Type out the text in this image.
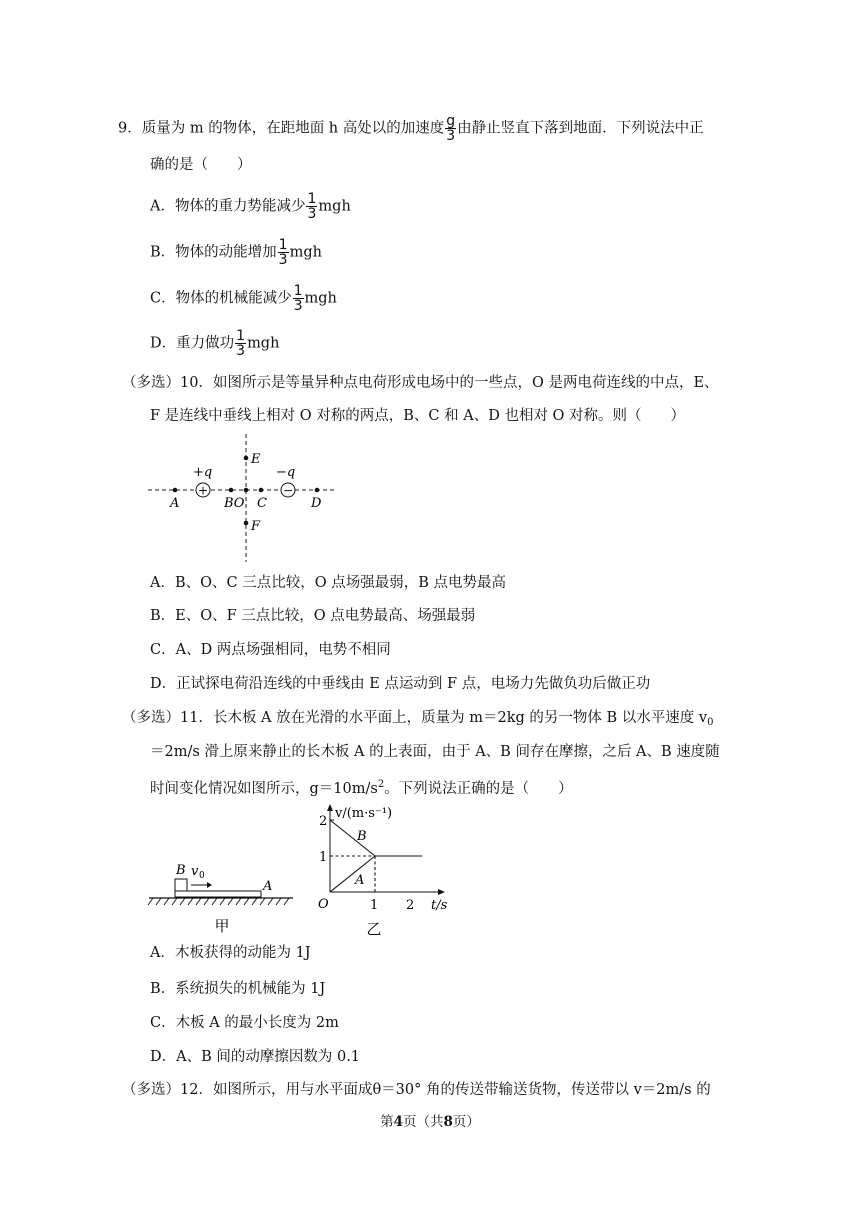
9．质量为 m 的物体，在距地面 h 高处以的加速度 $\frac{g}{3}$ 由静止竖直下落到地面．下列说法中正
确的是（　　）
A．物体的重力势能减少 $\frac{1}{3}$ mgh
B．物体的动能增加 $\frac{1}{3}$ mgh
C．物体的机械能减少 $\frac{1}{3}$ mgh
D．重力做功 $\frac{1}{3}$ mgh
（多选）10．如图所示是等量异种点电荷形成电场中的一些点，O 是两电荷连线的中点，E、
F 是连线中垂线上相对 O 对称的两点，B、C 和 A、D 也相对 O 对称。则（　　）
+	−
+q	−q
E
F
A	BO C	D
A．B、O、C 三点比较，O 点场强最弱，B 点电势最高
B．E、O、F 三点比较，O 点电势最高、场强最弱
C．A、D 两点场强相同，电势不相同
D．正试探电荷沿连线的中垂线由 E 点运动到 F 点，电场力先做负功后做正功
（多选）11．长木板 A 放在光滑的水平面上，质量为 m＝2kg 的另一物体 B 以水平速度 $v_0$
＝2m/s 滑上原来静止的长木板 A 的上表面，由于 A、B 间存在摩擦，之后 A、B 速度随
时间变化情况如图所示，$g=10m/s^2$。下列说法正确的是（　　）
B v 0
A
甲
v/(m·s⁻¹)
t/s
O
1
2
1 2
B
A
乙
A．木板获得的动能为 1J
B．系统损失的机械能为 1J
C．木板 A 的最小长度为 2m
D．A、B 间的动摩擦因数为 0.1
（多选）12．如图所示，用与水平面成θ＝30° 角的传送带输送货物，传送带以 v＝2m/s 的
第4页（共8页）
